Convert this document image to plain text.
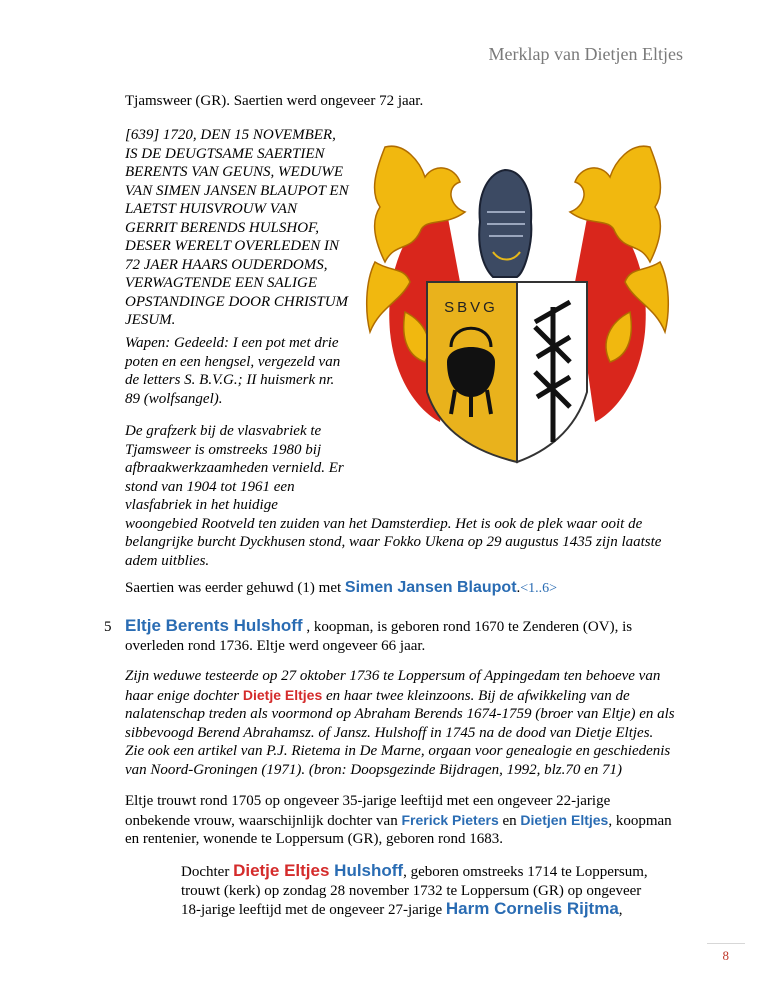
Merklap van Dietjen Eltjes

Tjamsweer (GR). Saertien werd ongeveer 72 jaar.

[639] 1720, DEN 15 NOVEMBER,
IS DE DEUGTSAME SAERTIEN
BERENTS VAN GEUNS, WEDUWE
VAN SIMEN JANSEN BLAUPOT EN
LAETST HUISVROUW VAN
GERRIT BERENDS HULSHOF,
DESER WERELT OVERLEDEN IN
72 JAER HAARS OUDERDOMS,
VERWAGTENDE EEN SALIGE
OPSTANDINGE DOOR CHRISTUM
JESUM.
Wapen: Gedeeld: I een pot met drie
poten en een hengsel, vergezeld van
de letters S. B.V.G.; II huismerk nr.
89 (wolfsangel).
De grafzerk bij de vlasvabriek te
Tjamsweer is omstreeks 1980 bij
afbraakwerkzaamheden vernield. Er
stond van 1904 tot 1961 een
vlasfabriek in het huidige
woongebied Rootveld ten zuiden van het Damsterdiep. Het is ook de plek waar ooit de
belangrijke burcht Dyckhusen stond, waar Fokko Ukena op 29 augustus 1435 zijn laatste
adem uitblies.
SBVG

Saertien was eerder gehuwd (1) met Simen Jansen Blaupot.<1..6>

5 Eltje Berents Hulshoff , koopman, is geboren rond 1670 te Zenderen (OV), is
overleden rond 1736. Eltje werd ongeveer 66 jaar.
Zijn weduwe testeerde op 27 oktober 1736 te Loppersum of Appingedam ten behoeve van
haar enige dochter Dietje Eltjes en haar twee kleinzoons. Bij de afwikkeling van de
nalatenschap treden als voormond op Abraham Berends 1674-1759 (broer van Eltje) en als
sibbevoogd Berend Abrahamsz. of Jansz. Hulshoff in 1745 na de dood van Dietje Eltjes.
Zie ook een artikel van P.J. Rietema in De Marne, orgaan voor genealogie en geschiedenis
van Noord-Groningen (1971). (bron: Doopsgezinde Bijdragen, 1992, blz.70 en 71)
Eltje trouwt rond 1705 op ongeveer 35-jarige leeftijd met een ongeveer 22-jarige
onbekende vrouw, waarschijnlijk dochter van Frerick Pieters en Dietjen Eltjes, koopman
en rentenier, wonende te Loppersum (GR), geboren rond 1683.
Dochter Dietje Eltjes Hulshoff, geboren omstreeks 1714 te Loppersum,
trouwt (kerk) op zondag 28 november 1732 te Loppersum (GR) op ongeveer
18-jarige leeftijd met de ongeveer 27-jarige Harm Cornelis Rijtma,
8
